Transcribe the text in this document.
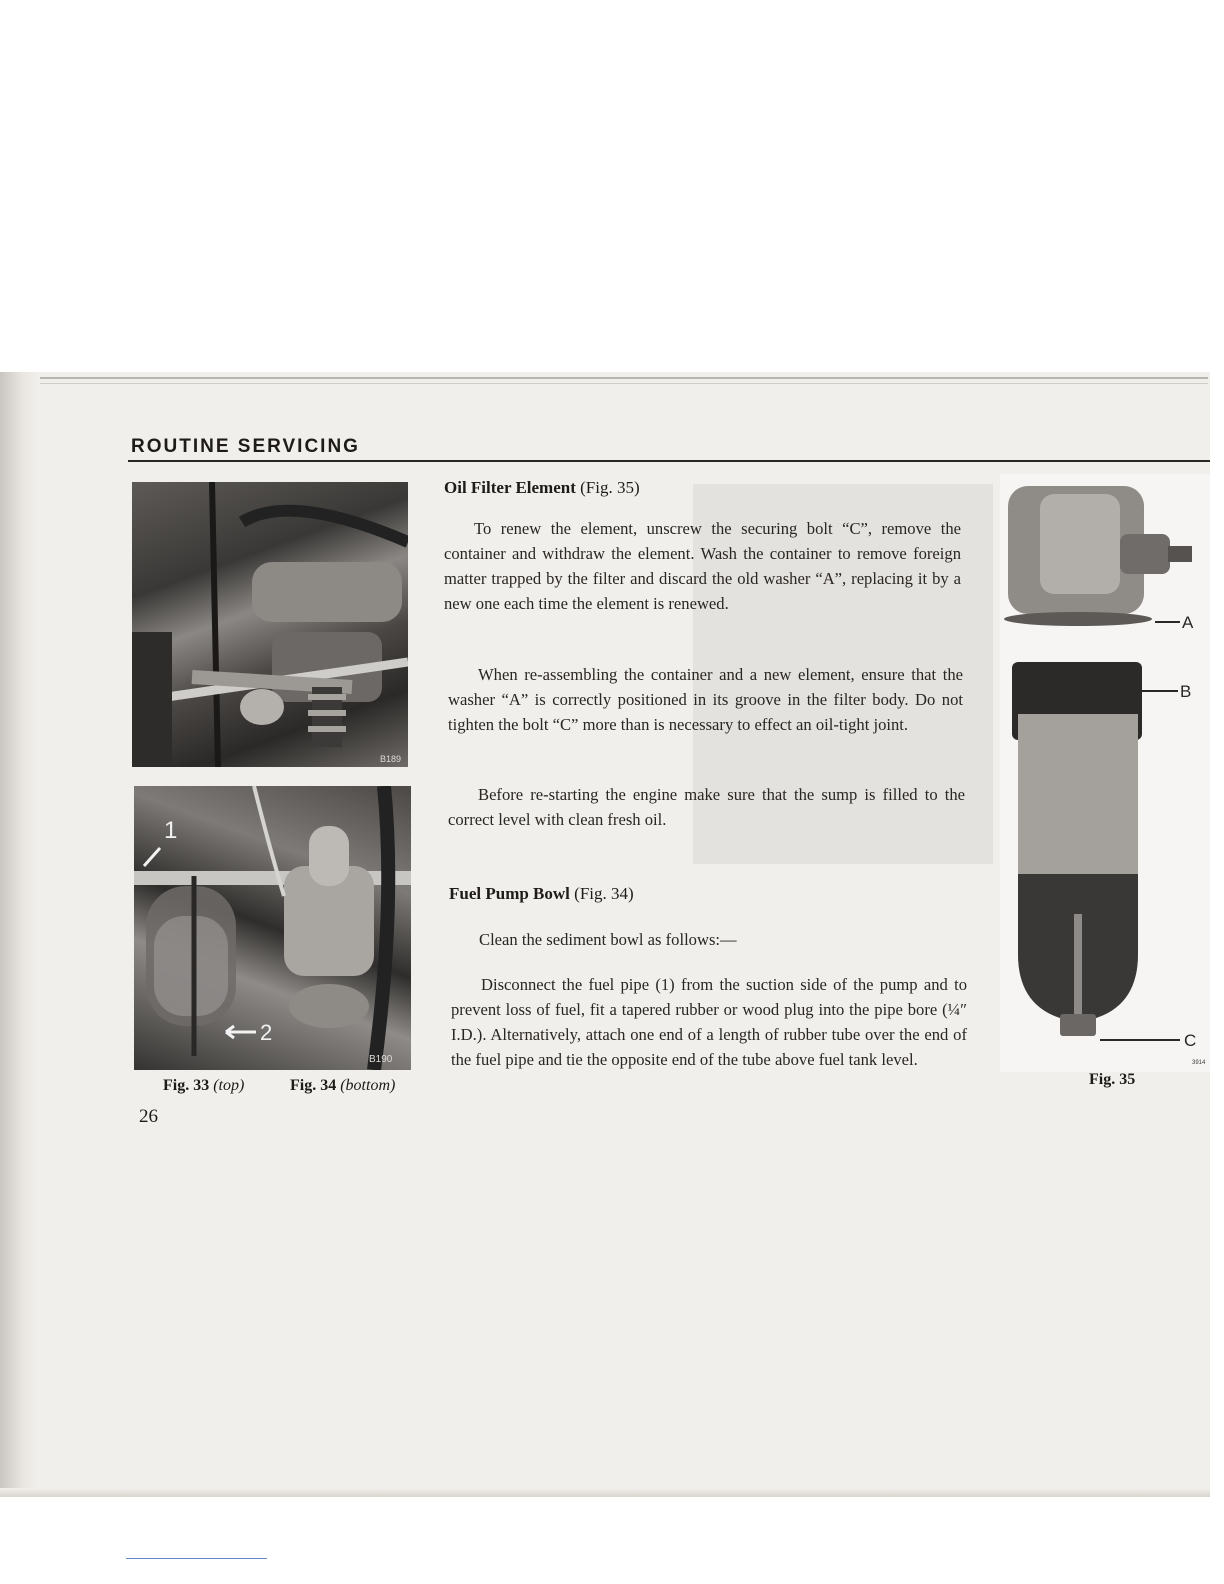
ROUTINE SERVICING
B189
1
2
B190
A
B
C
3914
Fig. 33 (top)	Fig. 34 (bottom)	Fig. 35
26
Oil Filter Element (Fig. 35)

To renew the element, unscrew the securing bolt “C”, remove the container and withdraw the element. Wash the container to remove foreign matter trapped by the filter and discard the old washer “A”, replacing it by a new one each time the element is renewed.

When re-assembling the container and a new element, ensure that the washer “A” is correctly positioned in its groove in the filter body. Do not tighten the bolt “C” more than is necessary to effect an oil-tight joint.

Before re-starting the engine make sure that the sump is filled to the correct level with clean fresh oil.

Fuel Pump Bowl (Fig. 34)

Clean the sediment bowl as follows:—

Disconnect the fuel pipe (1) from the suction side of the pump and to prevent loss of fuel, fit a tapered rubber or wood plug into the pipe bore (¼″ I.D.). Alternatively, attach one end of a length of rubber tube over the end of the fuel pipe and tie the opposite end of the tube above fuel tank level.
